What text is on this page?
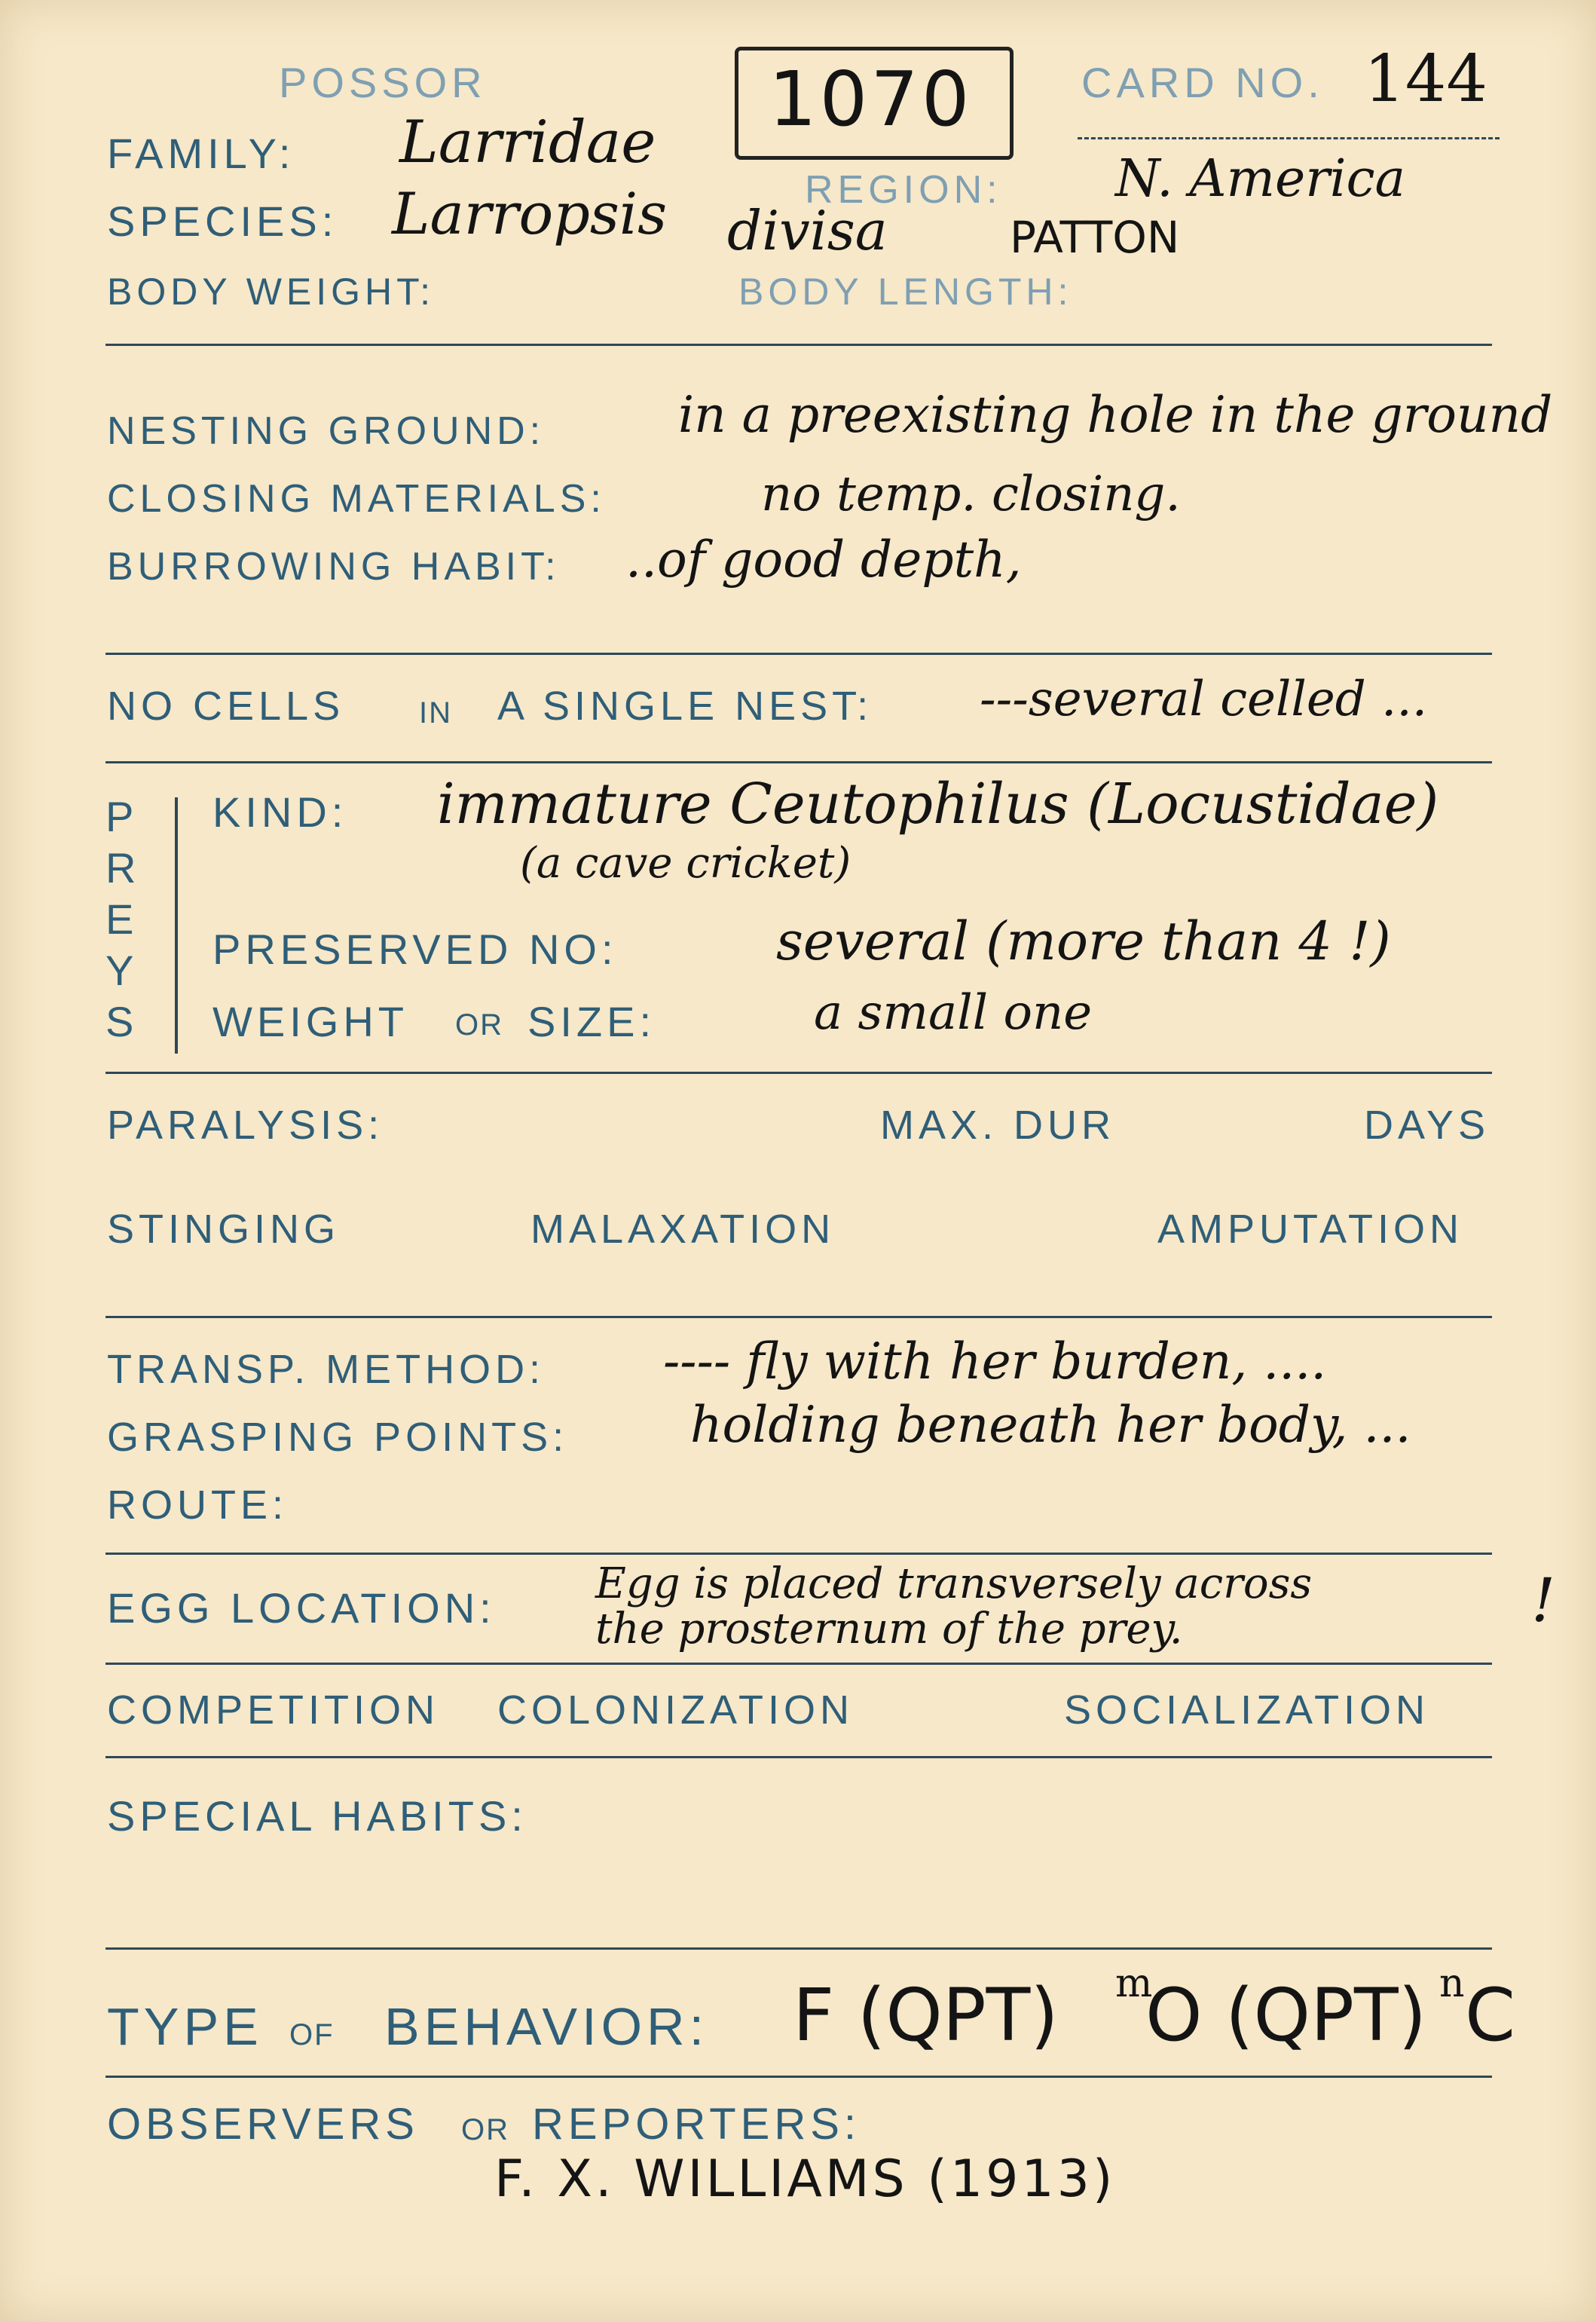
POSSOR	1070	CARD NO. 144
FAMILY: Larridae
SPECIES: Larropsis	REGION: N. America
divisa	PATTON
BODY WEIGHT:	BODY LENGTH:
NESTING GROUND:	in a preexisting hole in the ground
CLOSING MATERIALS:	no temp. closing.
BURROWING HABIT: ..of good depth,
NO CELLS IN A SINGLE NEST: ---several celled ...
P
R
E
Y
S
KIND: immature Ceutophilus (Locustidae)
(a cave cricket)
PRESERVED NO:	several (more than 4 !)
WEIGHT OR SIZE:	a small one
PARALYSIS:	MAX. DUR	DAYS
STINGING	MALAXATION	AMPUTATION
TRANSP. METHOD: ---- fly with her burden, ....
GRASPING POINTS: holding beneath her body, ...
ROUTE:
EGG LOCATION: Egg is placed transversely across
the prosternum of the prey.	!
COMPETITION COLONIZATION	SOCIALIZATION
SPECIAL HABITS:
TYPE OF BEHAVIOR: F (QPT) m
O (QPT) n C
OBSERVERS OR REPORTERS:
F. X. WILLIAMS (1913)
